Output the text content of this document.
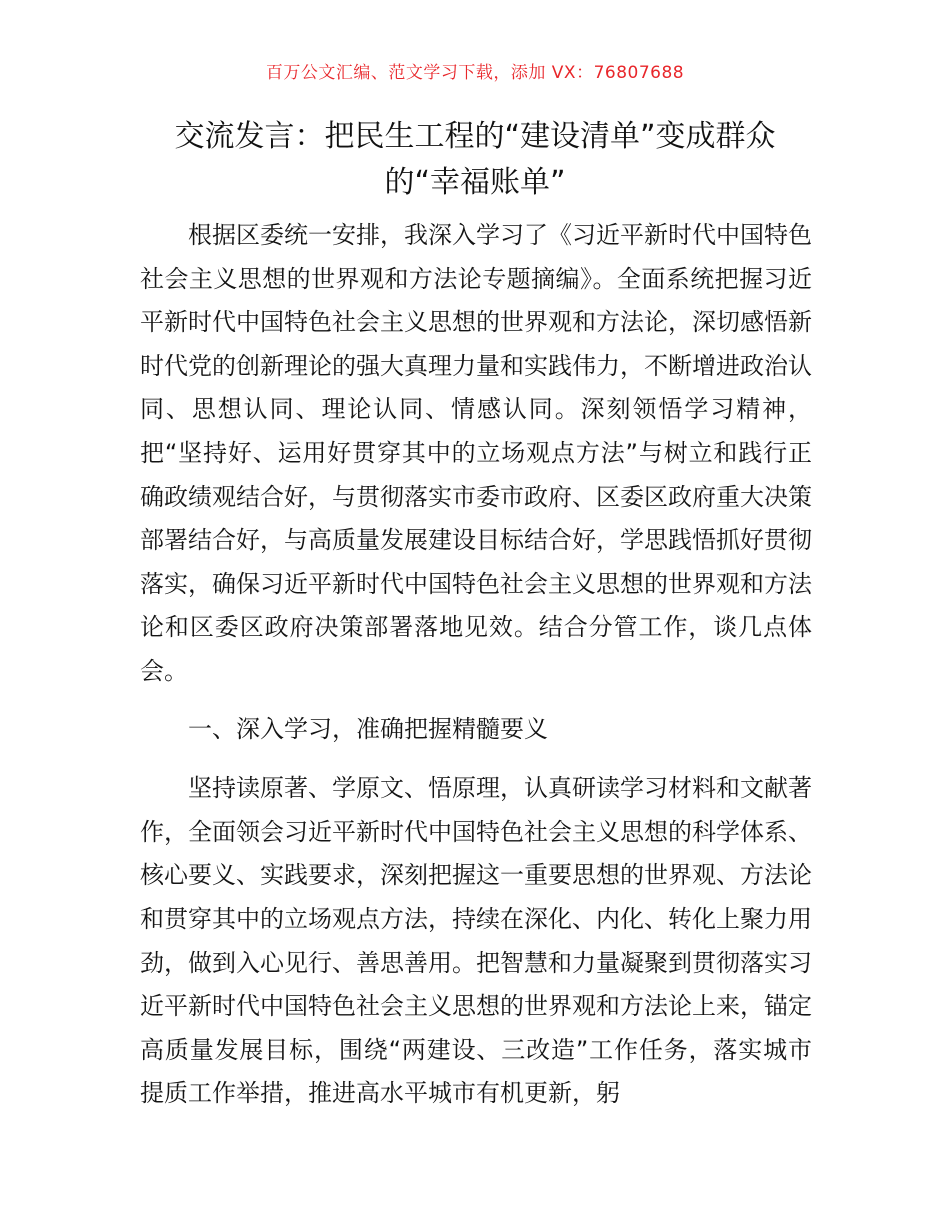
百万公文汇编、范文学习下载，添加 VX：76807688
交流发言：把民生工程的“建设清单”变成群众的“幸福账单”

根据区委统一安排，我深入学习了《习近平新时代中国特色社会主义思想的世界观和方法论专题摘编》。全面系统把握习近平新时代中国特色社会主义思想的世界观和方法论，深切感悟新时代党的创新理论的强大真理力量和实践伟力，不断增进政治认同、思想认同、理论认同、情感认同。深刻领悟学习精神，把“坚持好、运用好贯穿其中的立场观点方法”与树立和践行正确政绩观结合好，与贯彻落实市委市政府、区委区政府重大决策部署结合好，与高质量发展建设目标结合好，学思践悟抓好贯彻落实，确保习近平新时代中国特色社会主义思想的世界观和方法论和区委区政府决策部署落地见效。结合分管工作，谈几点体会。

一、深入学习，准确把握精髓要义

坚持读原著、学原文、悟原理，认真研读学习材料和文献著作，全面领会习近平新时代中国特色社会主义思想的科学体系、核心要义、实践要求，深刻把握这一重要思想的世界观、方法论和贯穿其中的立场观点方法，持续在深化、内化、转化上聚力用劲，做到入心见行、善思善用。把智慧和力量凝聚到贯彻落实习近平新时代中国特色社会主义思想的世界观和方法论上来，锚定高质量发展目标，围绕“两建设、三改造”工作任务，落实城市提质工作举措，推进高水平城市有机更新，躬
